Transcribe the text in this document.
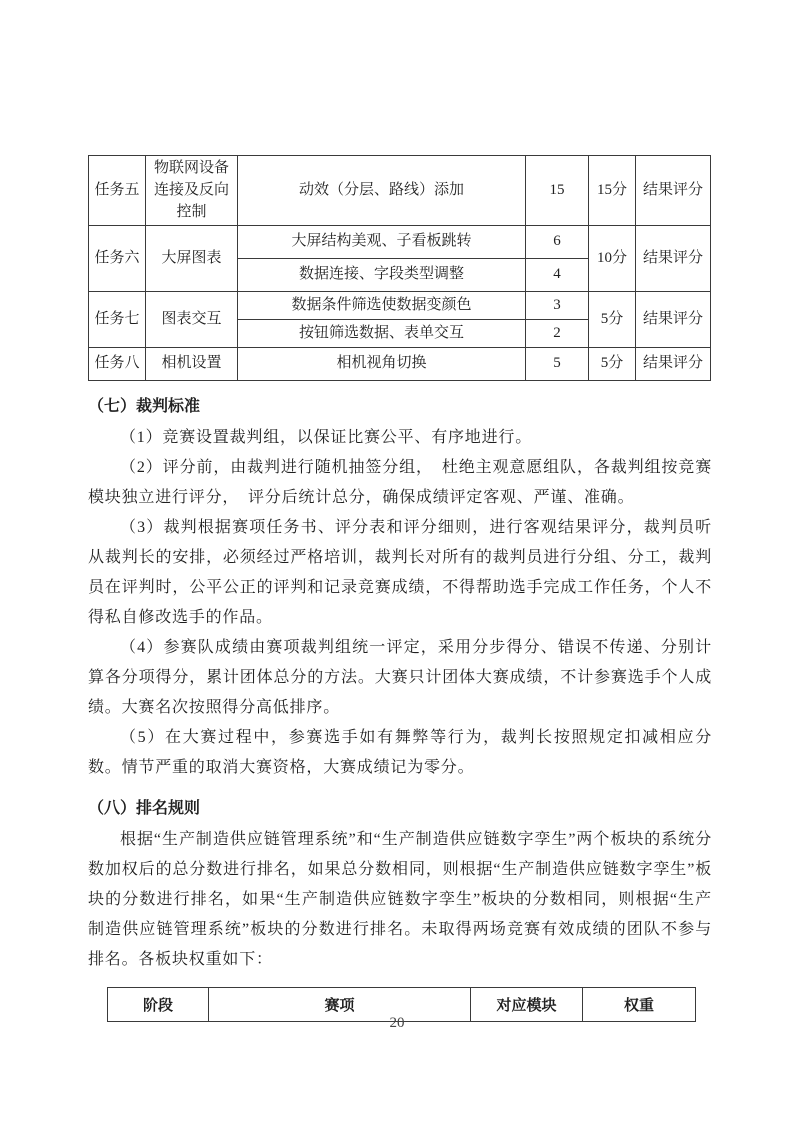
任务五	物联网设备连接及反向控制	动效（分层、路线）添加	15	15分	结果评分
任务六	大屏图表	大屏结构美观、子看板跳转	6	10分	结果评分
		数据连接、字段类型调整	4		
任务七	图表交互	数据条件筛选使数据变颜色	3	5分	结果评分
		按钮筛选数据、表单交互	2		
任务八	相机设置	相机视角切换	5	5分	结果评分
（七）裁判标准

（1）竞赛设置裁判组，以保证比赛公平、有序地进行。

（2）评分前，由裁判进行随机抽签分组，　杜绝主观意愿组队，各裁判组按竞赛模块独立进行评分，　评分后统计总分，确保成绩评定客观、严谨、准确。

（3）裁判根据赛项任务书、评分表和评分细则，进行客观结果评分，裁判员听从裁判长的安排，必须经过严格培训，裁判长对所有的裁判员进行分组、分工，裁判员在评判时，公平公正的评判和记录竞赛成绩，不得帮助选手完成工作任务，个人不得私自修改选手的作品。

（4）参赛队成绩由赛项裁判组统一评定，采用分步得分、错误不传递、分别计算各分项得分，累计团体总分的方法。大赛只计团体大赛成绩，不计参赛选手个人成绩。大赛名次按照得分高低排序。

（5）在大赛过程中，参赛选手如有舞弊等行为，裁判长按照规定扣减相应分数。情节严重的取消大赛资格，大赛成绩记为零分。

（八）排名规则

根据“生产制造供应链管理系统”和“生产制造供应链数字孪生”两个板块的系统分数加权后的总分数进行排名，如果总分数相同，则根据“生产制造供应链数字孪生”板块的分数进行排名，如果“生产制造供应链数字孪生”板块的分数相同，则根据“生产制造供应链管理系统”板块的分数进行排名。未取得两场竞赛有效成绩的团队不参与排名。各板块权重如下：

阶段	赛项	对应模块	权重
20
